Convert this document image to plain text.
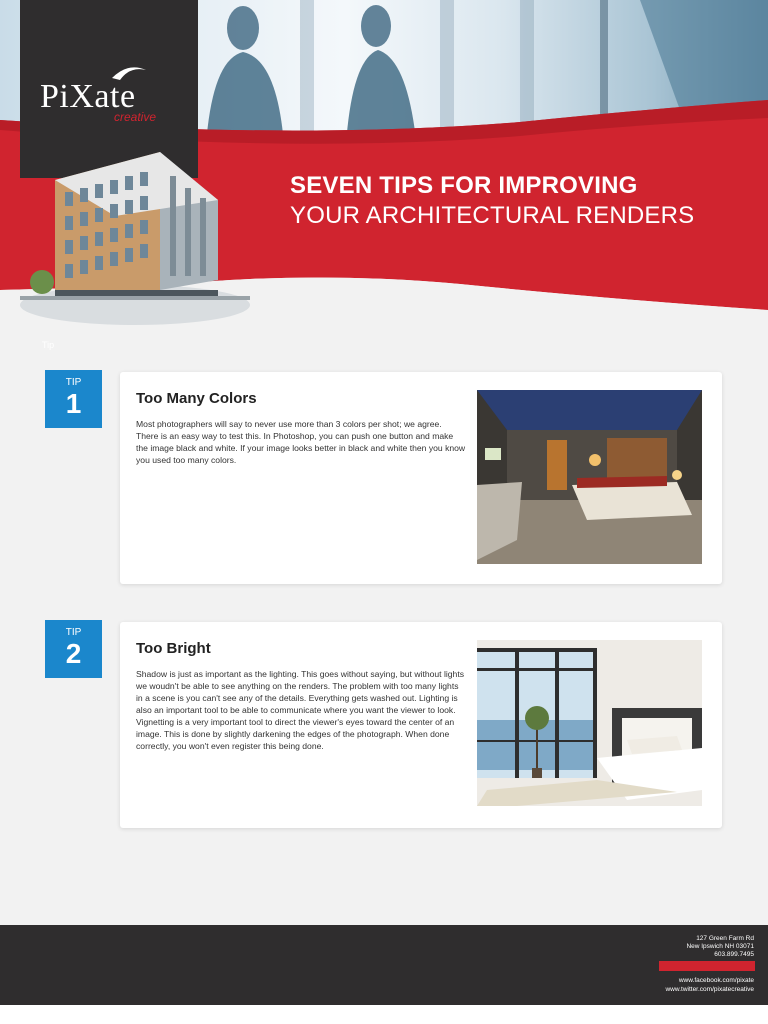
PiXate
creative
SEVEN TIPS FOR IMPROVING
YOUR ARCHITECTURAL RENDERS
Tip
TIP
1	Too Many Colors

Most photographers will say to never use more than 3 colors per shot; we agree. There is an easy way to test this. In Photoshop, you can push one button and make the image black and white. If your image looks better in black and white then you know you used too many colors.

TIP
2	Too Bright

Shadow is just as important as the lighting. This goes without saying, but without lights we woudn't be able to see anything on the renders. The problem with too many lights in a scene is you can't see any of the details. Everything gets washed out. Lighting is also an important tool to be able to communicate where you want the viewer to look. Vignetting is a very important tool to direct the viewer's eyes toward the center of an image. This is done by slightly darkening the edges of the photograph. When done correctly, you won't even register this being done.

127 Green Farm Rd
New Ipswich NH 03071
603.899.7495
www.facebook.com/pixate
www.twitter.com/pixatecreative
